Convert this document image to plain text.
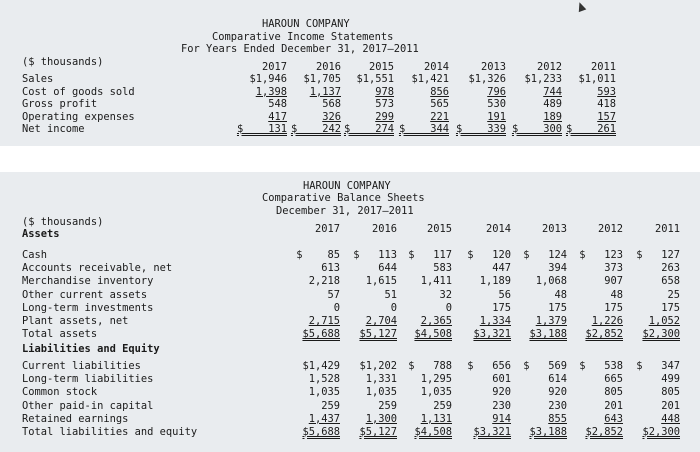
HAROUN COMPANY
Comparative Income Statements
For Years Ended December 31, 2017–2011
($ thousands)	2017	2016	2015	2014	2013	2012	2011
Sales	$1,946	$1,705	$1,551	$1,421	$1,326	$1,233	$1,011
Cost of goods sold	1,398	1,137	978	856	796	744	593
Gross profit	548	568	573	565	530	489	418
Operating expenses	417	326	299	221	191	189	157
Net income	$    131 $    242 $    274 $    344 $    339 $    300 $    261
HAROUN COMPANY
Comparative Balance Sheets
December 31, 2017–2011
($ thousands)
Assets
Liabilities and Equity
2017	2016	2015	2014	2013	2012	2011
Cash	$    85	$   113	$   117	$   120	$   124	$   123	$   127
Accounts receivable, net	613	644	583	447	394	373	263
Merchandise inventory	2,218	1,615	1,411	1,189	1,068	907	658
Other current assets	57	51	32	56	48	48	25
Long-term investments	0	0	0	175	175	175	175
Plant assets, net	2,715	2,704	2,365	1,334	1,379	1,226	1,052
Total assets	$5,688	$5,127	$4,508	$3,321	$3,188	$2,852	$2,300
Current liabilities	$1,429	$1,202	$   788	$   656	$   569	$   538	$   347
Long-term liabilities	1,528	1,331	1,295	601	614	665	499
Common stock	1,035	1,035	1,035	920	920	805	805
Other paid-in capital	259	259	259	230	230	201	201
Retained earnings	1,437	1,300	1,131	914	855	643	448
Total liabilities and equity	$5,688	$5,127	$4,508	$3,321	$3,188	$2,852	$2,300
